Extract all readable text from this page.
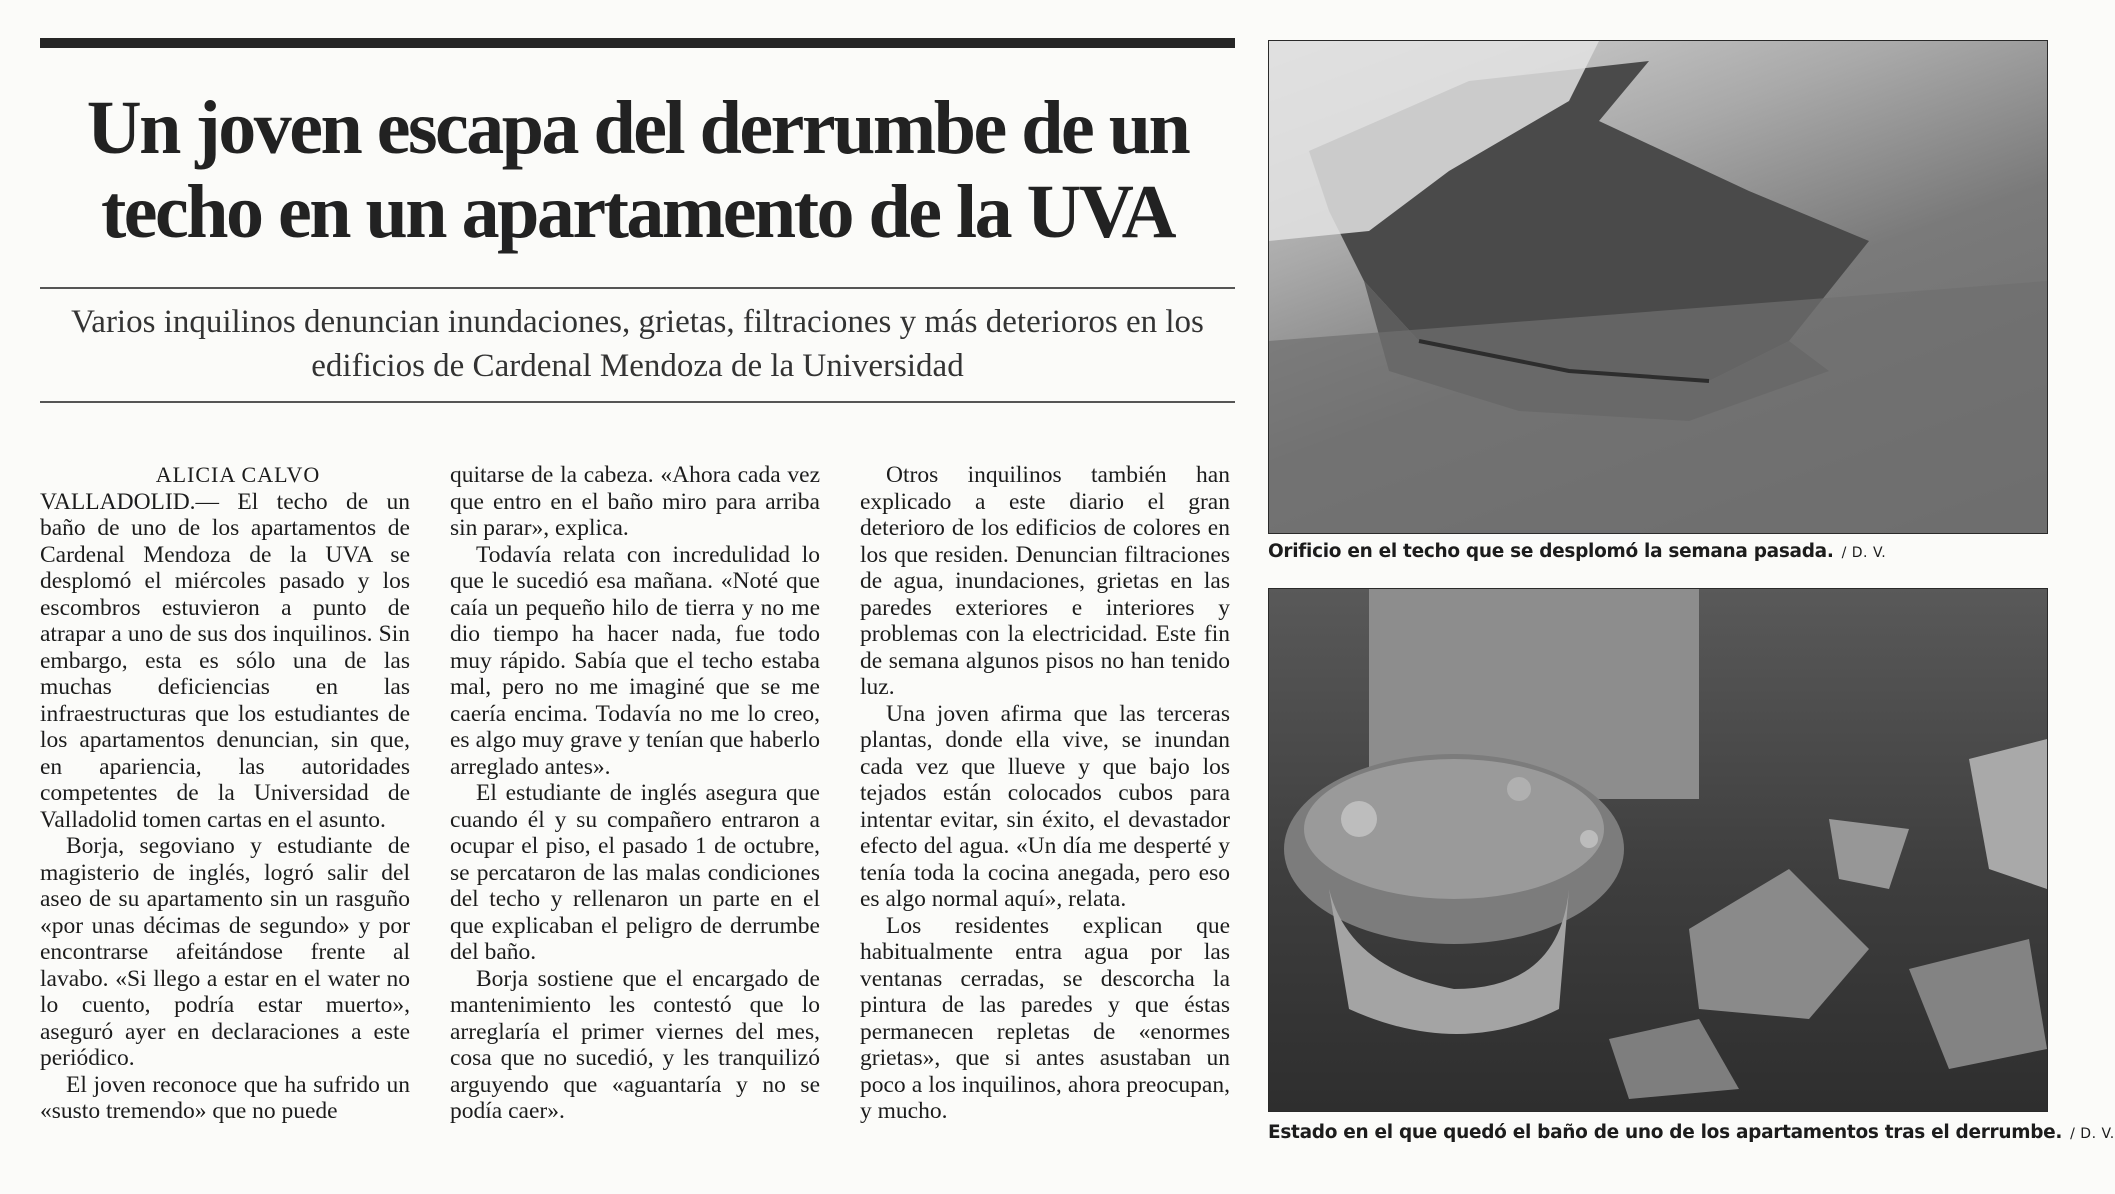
Un joven escapa del derrumbe de un techo en un apartamento de la UVA

Varios inquilinos denuncian inundaciones, grietas, filtraciones y más deterioros en los edificios de Cardenal Mendoza de la Universidad

ALICIA CALVO

VALLADOLID.— El techo de un baño de uno de los apartamentos de Cardenal Mendoza de la UVA se desplomó el miércoles pasado y los escombros estuvieron a punto de atrapar a uno de sus dos inquilinos. Sin embargo, esta es sólo una de las muchas deficiencias en las infraestructuras que los estudiantes de los apartamentos denuncian, sin que, en apariencia, las autoridades competentes de la Universidad de Valladolid tomen cartas en el asunto.

Borja, segoviano y estudiante de magisterio de inglés, logró salir del aseo de su apartamento sin un rasguño «por unas décimas de segundo» y por encontrarse afeitándose frente al lavabo. «Si llego a estar en el water no lo cuento, podría estar muerto», aseguró ayer en declaraciones a este periódico.

El joven reconoce que ha sufrido un «susto tremendo» que no puede

quitarse de la cabeza. «Ahora cada vez que entro en el baño miro para arriba sin parar», explica.

Todavía relata con incredulidad lo que le sucedió esa mañana. «Noté que caía un pequeño hilo de tierra y no me dio tiempo ha hacer nada, fue todo muy rápido. Sabía que el techo estaba mal, pero no me imaginé que se me caería encima. Todavía no me lo creo, es algo muy grave y tenían que haberlo arreglado antes».

El estudiante de inglés asegura que cuando él y su compañero entraron a ocupar el piso, el pasado 1 de octubre, se percataron de las malas condiciones del techo y rellenaron un parte en el que explicaban el peligro de derrumbe del baño.

Borja sostiene que el encargado de mantenimiento les contestó que lo arreglaría el primer viernes del mes, cosa que no sucedió, y les tranquilizó arguyendo que «aguantaría y no se podía caer».

Otros inquilinos también han explicado a este diario el gran deterioro de los edificios de colores en los que residen. Denuncian filtraciones de agua, inundaciones, grietas en las paredes exteriores e interiores y problemas con la electricidad. Este fin de semana algunos pisos no han tenido luz.

Una joven afirma que las terceras plantas, donde ella vive, se inundan cada vez que llueve y que bajo los tejados están colocados cubos para intentar evitar, sin éxito, el devastador efecto del agua. «Un día me desperté y tenía toda la cocina anegada, pero eso es algo normal aquí», relata.

Los residentes explican que habitualmente entra agua por las ventanas cerradas, se descorcha la pintura de las paredes y que éstas permanecen repletas de «enormes grietas», que si antes asustaban un poco a los inquilinos, ahora preocupan, y mucho.

Orificio en el techo que se desplomó la semana pasada. / D. V.

Estado en el que quedó el baño de uno de los apartamentos tras el derrumbe. / D. V.
